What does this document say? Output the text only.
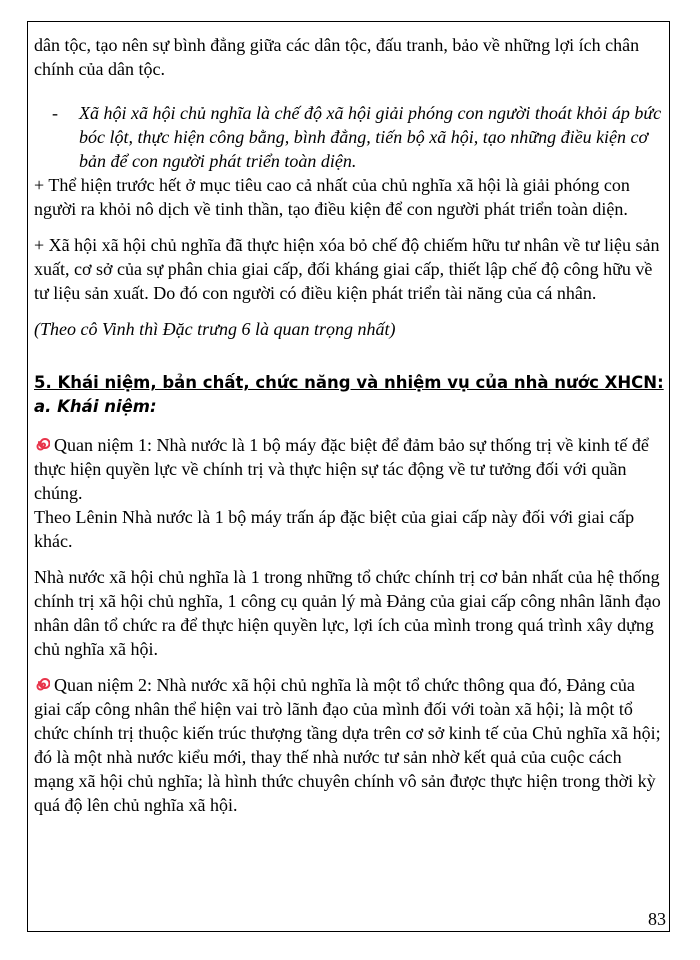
dân tộc, tạo nên sự bình đẳng giữa các dân tộc, đấu tranh, bảo về những lợi ích chân chính của dân tộc.

-	Xã hội xã hội chủ nghĩa là chế độ xã hội giải phóng con người thoát khỏi áp bức bóc lột, thực hiện công bằng, bình đẳng, tiến bộ xã hội, tạo những điều kiện cơ bản để con người phát triển toàn diện.

+ Thể hiện trước hết ở mục tiêu cao cả nhất của chủ nghĩa xã hội là giải phóng con người ra khỏi nô dịch về tinh thần, tạo điều kiện để con người phát triển toàn diện.

+ Xã hội xã hội chủ nghĩa đã thực hiện xóa bỏ chế độ chiếm hữu tư nhân về tư liệu sản xuất, cơ sở của sự phân chia giai cấp, đối kháng giai cấp, thiết lập chế độ công hữu về tư liệu sản xuất. Do đó con người có điều kiện phát triển tài năng của cá nhân.

(Theo cô Vinh thì Đặc trưng 6 là quan trọng nhất)

5. Khái niệm, bản chất, chức năng và nhiệm vụ của nhà nước XHCN:

a. Khái niệm:

Quan niệm 1: Nhà nước là 1 bộ máy đặc biệt để đảm bảo sự thống trị về kinh tế để thực hiện quyền lực về chính trị và thực hiện sự tác động về tư tưởng đối với quần chúng.

Theo Lênin Nhà nước là 1 bộ máy trấn áp đặc biệt của giai cấp này đối với giai cấp khác.

Nhà nước xã hội chủ nghĩa là 1 trong những tổ chức chính trị cơ bản nhất của hệ thống chính trị xã hội chủ nghĩa, 1 công cụ quản lý mà Đảng của giai cấp công nhân lãnh đạo nhân dân tổ chức ra để thực hiện quyền lực, lợi ích của mình trong quá trình xây dựng chủ nghĩa xã hội.

Quan niệm 2: Nhà nước xã hội chủ nghĩa là một tổ chức thông qua đó, Đảng của giai cấp công nhân thể hiện vai trò lãnh đạo của mình đối với toàn xã hội; là một tổ chức chính trị thuộc kiến trúc thượng tầng dựa trên cơ sở kinh tế của Chủ nghĩa xã hội; đó là một nhà nước kiểu mới, thay thế nhà nước tư sản nhờ kết quả của cuộc cách mạng xã hội chủ nghĩa; là hình thức chuyên chính vô sản được thực hiện trong thời kỳ quá độ lên chủ nghĩa xã hội.

83
